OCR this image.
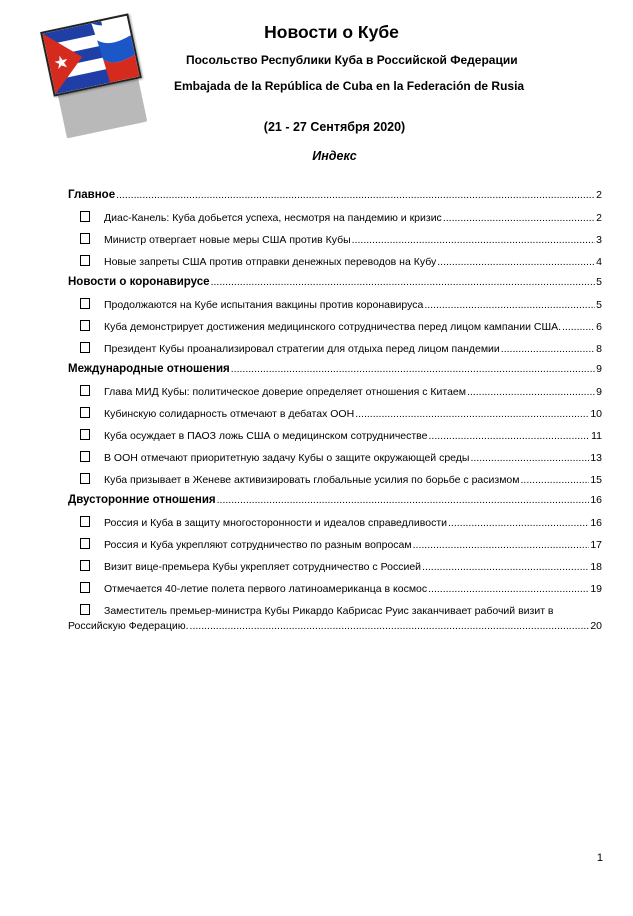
Новости о Кубе
Посольство Республики Куба в Российской Федерации
Embajada de la República de Cuba en la Federación de Rusia
(21 - 27 Сентября 2020)
Индекс
Главное .....	2
Диас-Канель: Куба добьется успеха, несмотря на пандемию и кризис .....	2
Министр отвергает новые меры США против Кубы .....	3
Новые запреты США против отправки денежных переводов на Кубу .....	4
Новости о коронавирусе .....	5
Продолжаются на Кубе испытания вакцины против коронавируса .....	5
Куба демонстрирует достижения медицинского сотрудничества перед лицом кампании США. .....	6
Президент Кубы проанализировал стратегии для отдыха перед лицом пандемии .....	8
Международные отношения .....	9
Глава МИД Кубы: политическое доверие определяет отношения с Китаем .....	9
Кубинскую солидарность отмечают в дебатах ООН .....	10
Куба осуждает в ПАОЗ ложь США о медицинском сотрудничестве .....	11
В ООН отмечают приоритетную задачу Кубы о защите окружающей среды .....	13
Куба призывает в Женеве активизировать глобальные усилия по борьбе с расизмом .....	15
Двусторонние отношения .....	16
Россия и Куба в защиту многосторонности и идеалов справедливости .....	16
Россия и Куба укрепляют сотрудничество по разным вопросам .....	17
Визит вице-премьера Кубы укрепляет сотрудничество с Россией .....	18
Отмечается 40-летие полета первого латиноамериканца в космос .....	19
Заместитель премьер-министра Кубы Рикардо Кабрисас Руис заканчивает рабочий визит в
Российскую Федерацию. .....	20
1
